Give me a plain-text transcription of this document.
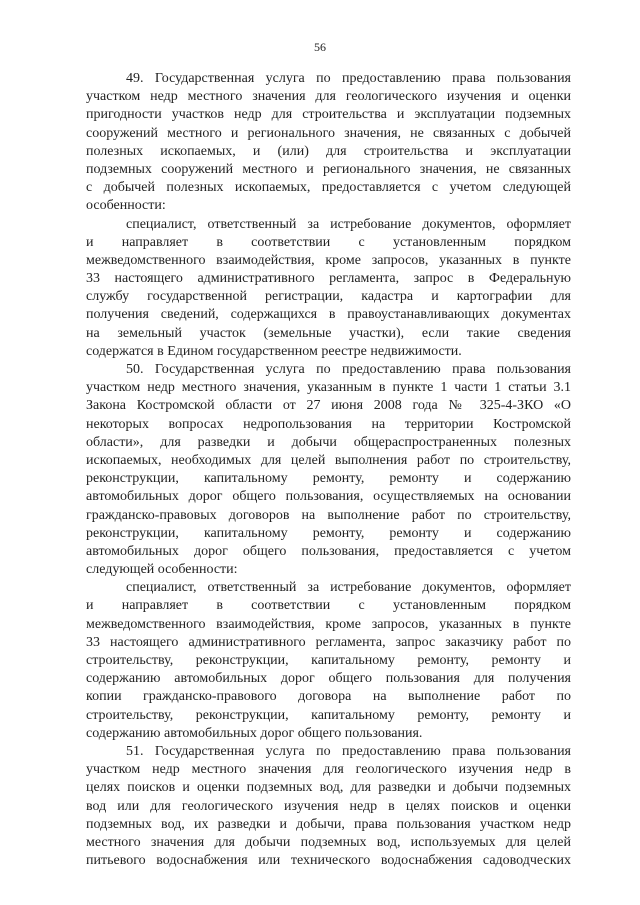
56
49. Государственная услуга по предоставлению права пользования
участком недр местного значения для геологического изучения и оценки
пригодности участков недр для строительства и эксплуатации подземных
сооружений местного и регионального значения, не связанных с добычей
полезных ископаемых, и (или) для строительства и эксплуатации
подземных сооружений местного и регионального значения, не связанных
с добычей полезных ископаемых, предоставляется с учетом следующей
особенности:
специалист, ответственный за истребование документов, оформляет
и направляет в соответствии с установленным порядком
межведомственного взаимодействия, кроме запросов, указанных в пункте
33 настоящего административного регламента, запрос в Федеральную
службу государственной регистрации, кадастра и картографии для
получения сведений, содержащихся в правоустанавливающих документах
на земельный участок (земельные участки), если такие сведения
содержатся в Едином государственном реестре недвижимости.
50. Государственная услуга по предоставлению права пользования
участком недр местного значения, указанным в пункте 1 части 1 статьи 3.1
Закона Костромской области от 27 июня 2008 года № 325-4-ЗКО «О
некоторых вопросах недропользования на территории Костромской
области», для разведки и добычи общераспространенных полезных
ископаемых, необходимых для целей выполнения работ по строительству,
реконструкции, капитальному ремонту, ремонту и содержанию
автомобильных дорог общего пользования, осуществляемых на основании
гражданско-правовых договоров на выполнение работ по строительству,
реконструкции, капитальному ремонту, ремонту и содержанию
автомобильных дорог общего пользования, предоставляется с учетом
следующей особенности:
специалист, ответственный за истребование документов, оформляет
и направляет в соответствии с установленным порядком
межведомственного взаимодействия, кроме запросов, указанных в пункте
33 настоящего административного регламента, запрос заказчику работ по
строительству, реконструкции, капитальному ремонту, ремонту и
содержанию автомобильных дорог общего пользования для получения
копии гражданско-правового договора на выполнение работ по
строительству, реконструкции, капитальному ремонту, ремонту и
содержанию автомобильных дорог общего пользования.
51. Государственная услуга по предоставлению права пользования
участком недр местного значения для геологического изучения недр в
целях поисков и оценки подземных вод, для разведки и добычи подземных
вод или для геологического изучения недр в целях поисков и оценки
подземных вод, их разведки и добычи, права пользования участком недр
местного значения для добычи подземных вод, используемых для целей
питьевого водоснабжения или технического водоснабжения садоводческих
